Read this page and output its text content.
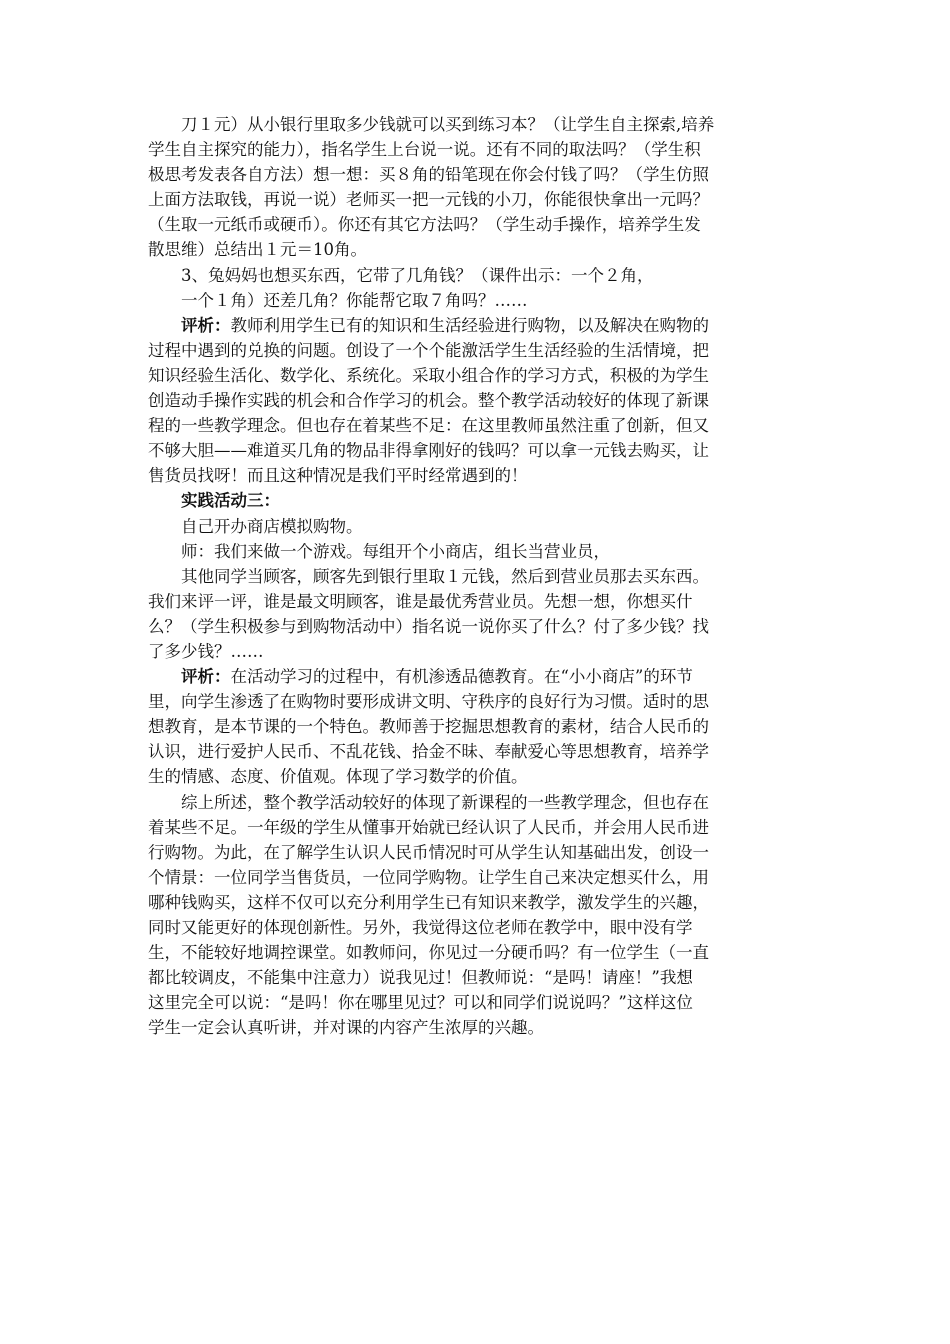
刀１元）从小银行里取多少钱就可以买到练习本？（让学生自主探索,培养
学生自主探究的能力），指名学生上台说一说。还有不同的取法吗？（学生积
极思考发表各自方法）想一想：买８角的铅笔现在你会付钱了吗？（学生仿照
上面方法取钱，再说一说）老师买一把一元钱的小刀，你能很快拿出一元吗？
（生取一元纸币或硬币）。你还有其它方法吗？（学生动手操作，培养学生发
散思维）总结出１元＝10角。
3、兔妈妈也想买东西，它带了几角钱？（课件出示：一个２角，
一个１角）还差几角？你能帮它取７角吗？……
评析：教师利用学生已有的知识和生活经验进行购物，以及解决在购物的
过程中遇到的兑换的问题。创设了一个个能激活学生生活经验的生活情境，把
知识经验生活化、数学化、系统化。采取小组合作的学习方式，积极的为学生
创造动手操作实践的机会和合作学习的机会。整个教学活动较好的体现了新课
程的一些教学理念。但也存在着某些不足：在这里教师虽然注重了创新，但又
不够大胆——难道买几角的物品非得拿刚好的钱吗？可以拿一元钱去购买，让
售货员找呀！而且这种情况是我们平时经常遇到的！
实践活动三：
自己开办商店模拟购物。
师：我们来做一个游戏。每组开个小商店，组长当营业员，
其他同学当顾客，顾客先到银行里取１元钱，然后到营业员那去买东西。
我们来评一评，谁是最文明顾客，谁是最优秀营业员。先想一想，你想买什
么？（学生积极参与到购物活动中）指名说一说你买了什么？付了多少钱？找
了多少钱？……
评析：在活动学习的过程中，有机渗透品德教育。在“小小商店”的环节
里，向学生渗透了在购物时要形成讲文明、守秩序的良好行为习惯。适时的思
想教育，是本节课的一个特色。教师善于挖掘思想教育的素材，结合人民币的
认识，进行爱护人民币、不乱花钱、拾金不昧、奉献爱心等思想教育，培养学
生的情感、态度、价值观。体现了学习数学的价值。
综上所述，整个教学活动较好的体现了新课程的一些教学理念，但也存在
着某些不足。一年级的学生从懂事开始就已经认识了人民币，并会用人民币进
行购物。为此，在了解学生认识人民币情况时可从学生认知基础出发，创设一
个情景：一位同学当售货员，一位同学购物。让学生自己来决定想买什么，用
哪种钱购买，这样不仅可以充分利用学生已有知识来教学，激发学生的兴趣，
同时又能更好的体现创新性。另外，我觉得这位老师在教学中，眼中没有学
生，不能较好地调控课堂。如教师问，你见过一分硬币吗？有一位学生（一直
都比较调皮，不能集中注意力）说我见过！但教师说：“是吗！请座！”我想
这里完全可以说：“是吗！你在哪里见过？可以和同学们说说吗？”这样这位
学生一定会认真听讲，并对课的内容产生浓厚的兴趣。
